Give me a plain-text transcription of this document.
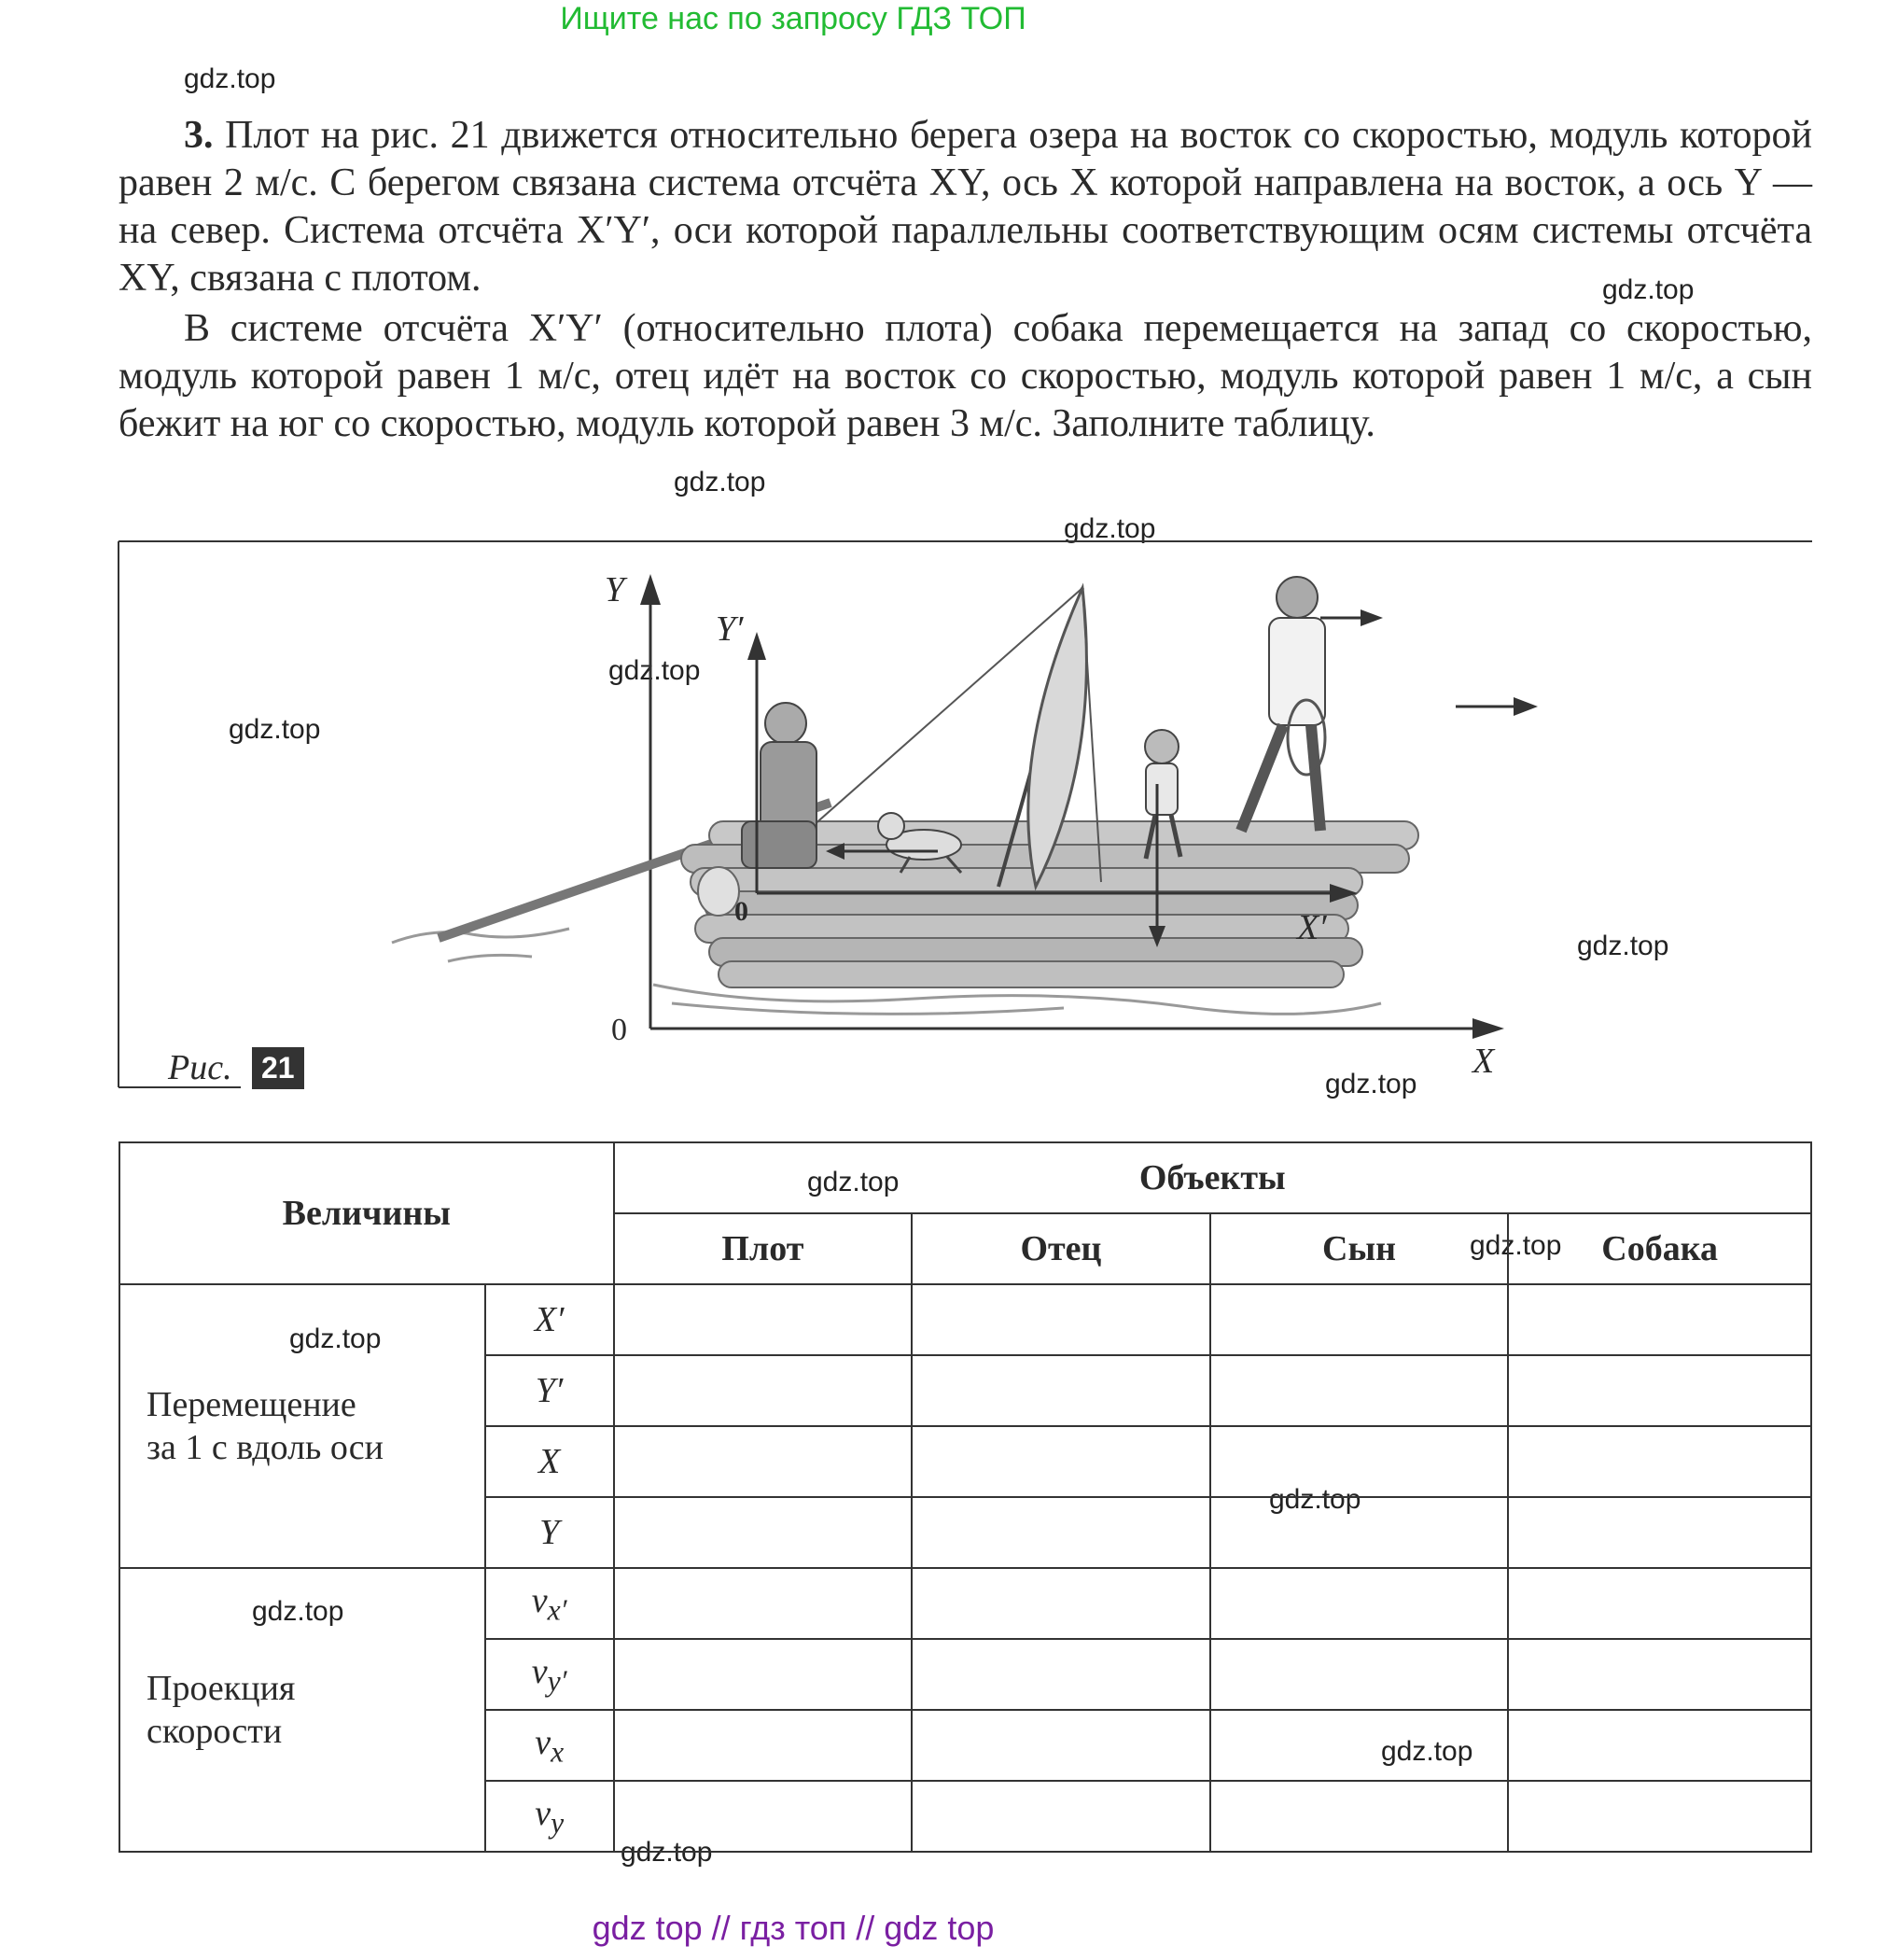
Ищите нас по запросу ГДЗ ТОП
gdz.top
gdz.top
gdz.top
gdz.top
gdz.top
gdz.top
gdz.top
gdz.top
gdz.top
gdz.top
gdz.top
gdz.top
gdz.top
gdz.top
gdz.top
3. Плот на рис. 21 движется относительно берега озера на восток со скоростью, модуль которой равен 2 м/с. С берегом связана система отсчёта XY, ось X которой направлена на восток, а ось Y — на север. Система отсчёта X′Y′, оси которой параллельны соответствующим осям системы отсчёта XY, связана с плотом.
В системе отсчёта X′Y′ (относительно плота) собака перемещается на запад со скоростью, модуль которой равен 1 м/с, отец идёт на восток со скоростью, модуль которой равен 1 м/с, а сын бежит на юг со скоростью, модуль которой равен 3 м/с. Заполните таблицу.
Y
X
Y′
X′
0
0
Рис. 21
Величины		Объекты			
		Плот	Отец	Сын	Собака
Перемещение
за 1 с вдоль оси	X′				
	Y′				
	X				
	Y				
Проекция
скорости	$v_{x'}$				
	$v_{y'}$				
	$v_x$				
	$v_y$				
gdz top // гдз топ // gdz top
